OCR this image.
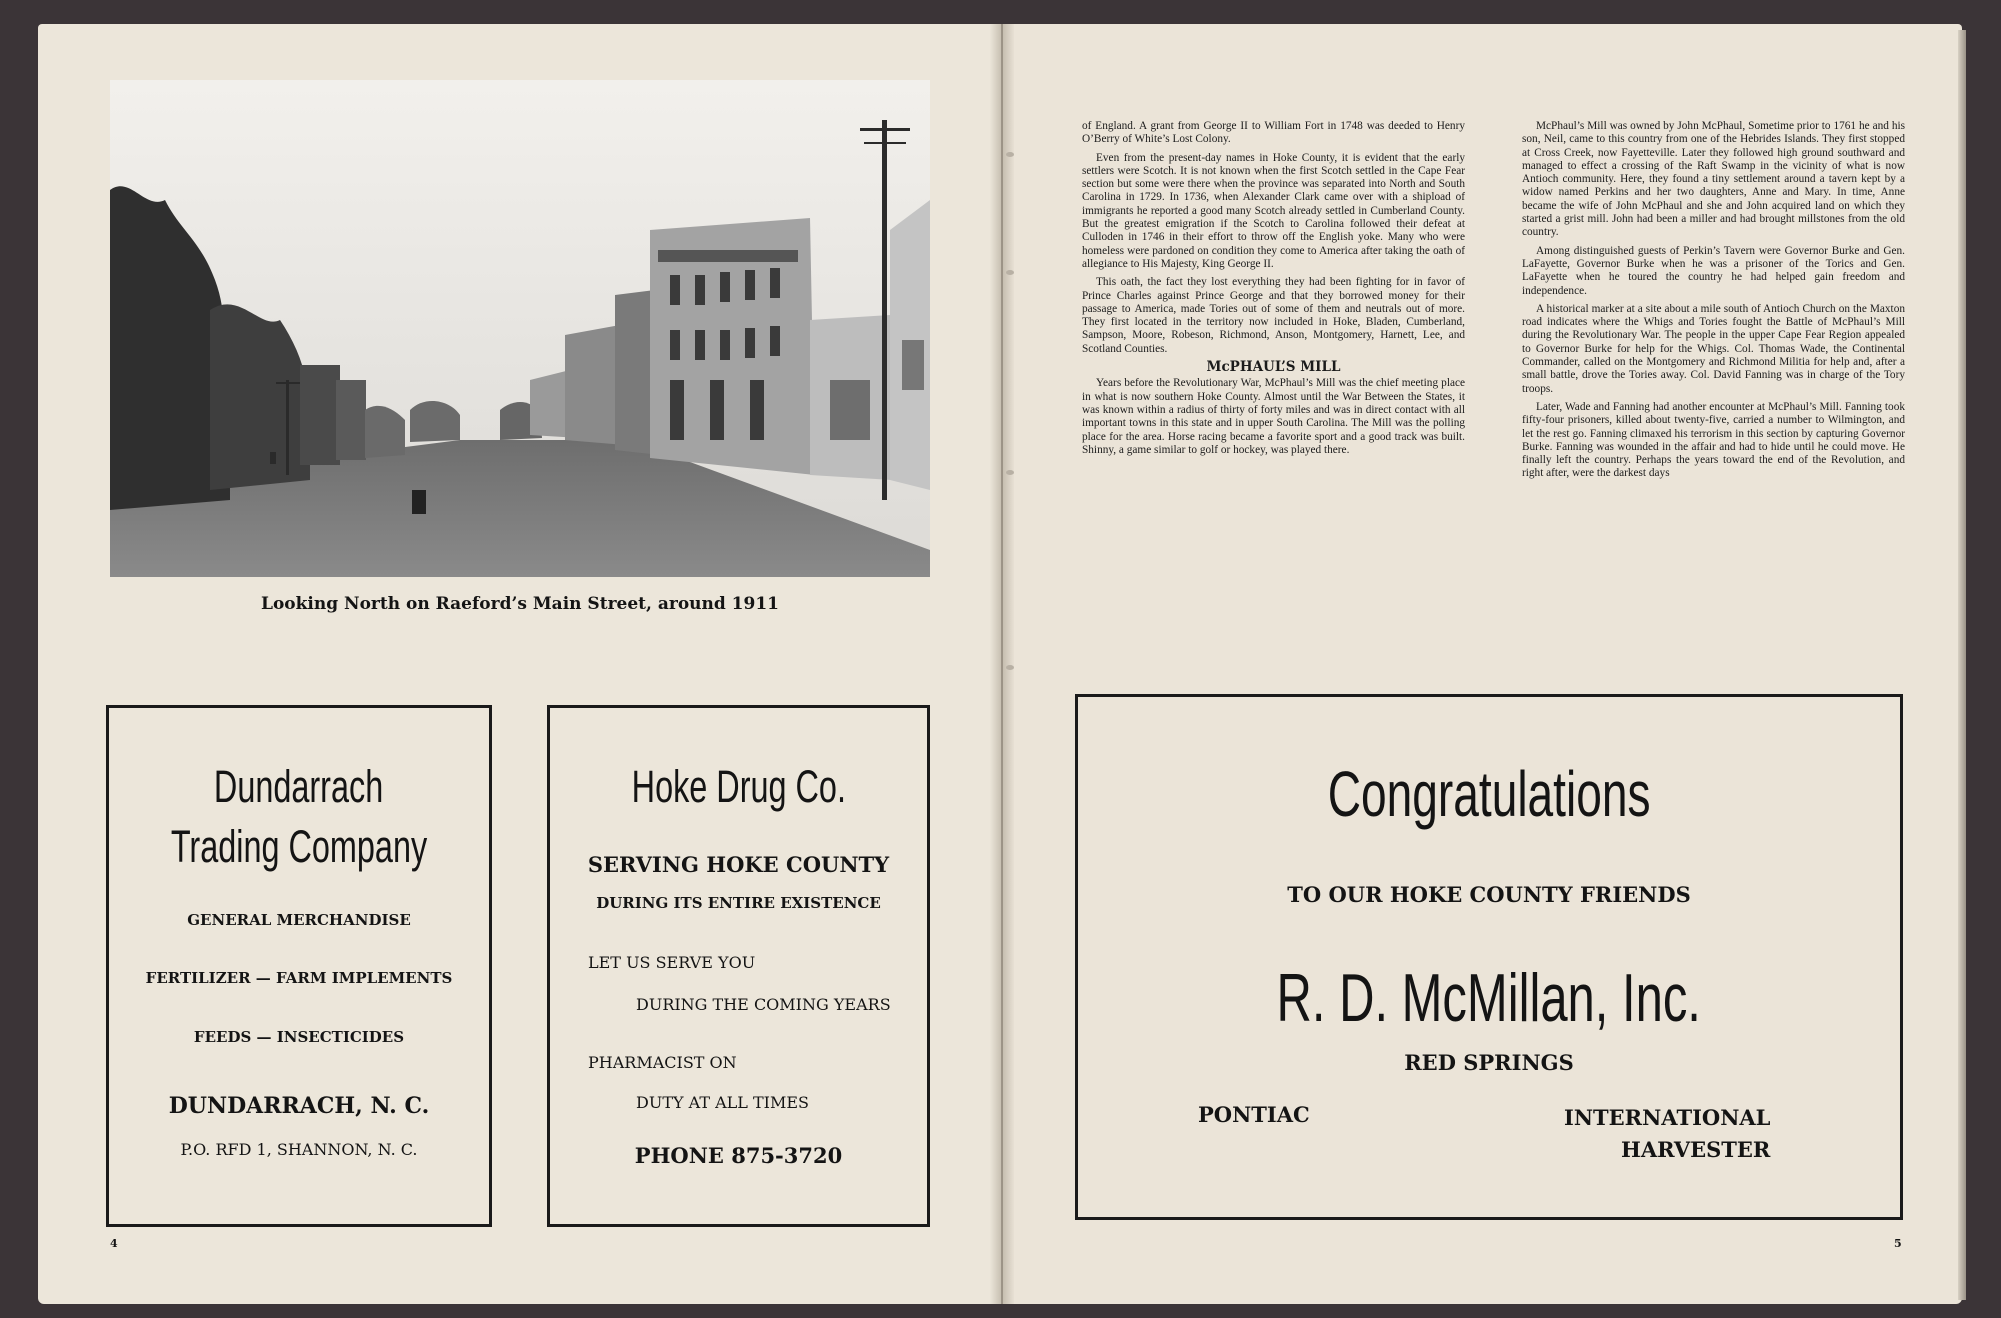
Looking North on Raeford’s Main Street, around 1911
Dundarrach
Trading Company
GENERAL MERCHANDISE
FERTILIZER — FARM IMPLEMENTS
FEEDS — INSECTICIDES
DUNDARRACH, N. C.
P.O. RFD 1, SHANNON, N. C.
Hoke Drug Co.
SERVING HOKE COUNTY
DURING ITS ENTIRE EXISTENCE
LET US SERVE YOU
DURING THE COMING YEARS
PHARMACIST ON
DUTY AT ALL TIMES
PHONE 875-3720
4

of England. A grant from George II to William Fort in 1748 was deeded to Henry O’Berry of White’s Lost Colony.

Even from the present-day names in Hoke County, it is evident that the early settlers were Scotch. It is not known when the first Scotch settled in the Cape Fear section but some were there when the province was separated into North and South Carolina in 1729. In 1736, when Alexander Clark came over with a shipload of immigrants he reported a good many Scotch already settled in Cumberland County. But the greatest emigration if the Scotch to Carolina followed their defeat at Culloden in 1746 in their effort to throw off the English yoke. Many who were homeless were pardoned on condition they come to America after taking the oath of allegiance to His Majesty, King George II.

This oath, the fact they lost everything they had been fighting for in favor of Prince Charles against Prince George and that they borrowed money for their passage to America, made Tories out of some of them and neutrals out of more. They first located in the territory now included in Hoke, Bladen, Cumberland, Sampson, Moore, Robeson, Richmond, Anson, Montgomery, Harnett, Lee, and Scotland Counties.

McPHAUL’S MILL

Years before the Revolutionary War, McPhaul’s Mill was the chief meeting place in what is now southern Hoke County. Almost until the War Between the States, it was known within a radius of thirty of forty miles and was in direct contact with all important towns in this state and in upper South Carolina. The Mill was the polling place for the area. Horse racing became a favorite sport and a good track was built. Shinny, a game similar to golf or hockey, was played there.

McPhaul’s Mill was owned by John McPhaul, Sometime prior to 1761 he and his son, Neil, came to this country from one of the Hebrides Islands. They first stopped at Cross Creek, now Fayetteville. Later they followed high ground southward and managed to effect a crossing of the Raft Swamp in the vicinity of what is now Antioch community. Here, they found a tiny settlement around a tavern kept by a widow named Perkins and her two daughters, Anne and Mary. In time, Anne became the wife of John McPhaul and she and John acquired land on which they started a grist mill. John had been a miller and had brought millstones from the old country.

Among distinguished guests of Perkin’s Tavern were Governor Burke and Gen. LaFayette, Governor Burke when he was a prisoner of the Torics and Gen. LaFayette when he toured the country he had helped gain freedom and independence.

A historical marker at a site about a mile south of Antioch Church on the Maxton road indicates where the Whigs and Tories fought the Battle of McPhaul’s Mill during the Revolutionary War. The people in the upper Cape Fear Region appealed to Governor Burke for help for the Whigs. Col. Thomas Wade, the Continental Commander, called on the Montgomery and Richmond Militia for help and, after a small battle, drove the Tories away. Col. David Fanning was in charge of the Tory troops.

Later, Wade and Fanning had another encounter at McPhaul’s Mill. Fanning took fifty-four prisoners, killed about twenty-five, carried a number to Wilmington, and let the rest go. Fanning climaxed his terrorism in this section by capturing Governor Burke. Fanning was wounded in the affair and had to hide until he could move. He finally left the country. Perhaps the years toward the end of the Revolution, and right after, were the darkest days

Congratulations
TO OUR HOKE COUNTY FRIENDS
R. D. McMillan, Inc.
RED SPRINGS
PONTIAC	INTERNATIONAL
HARVESTER
5
